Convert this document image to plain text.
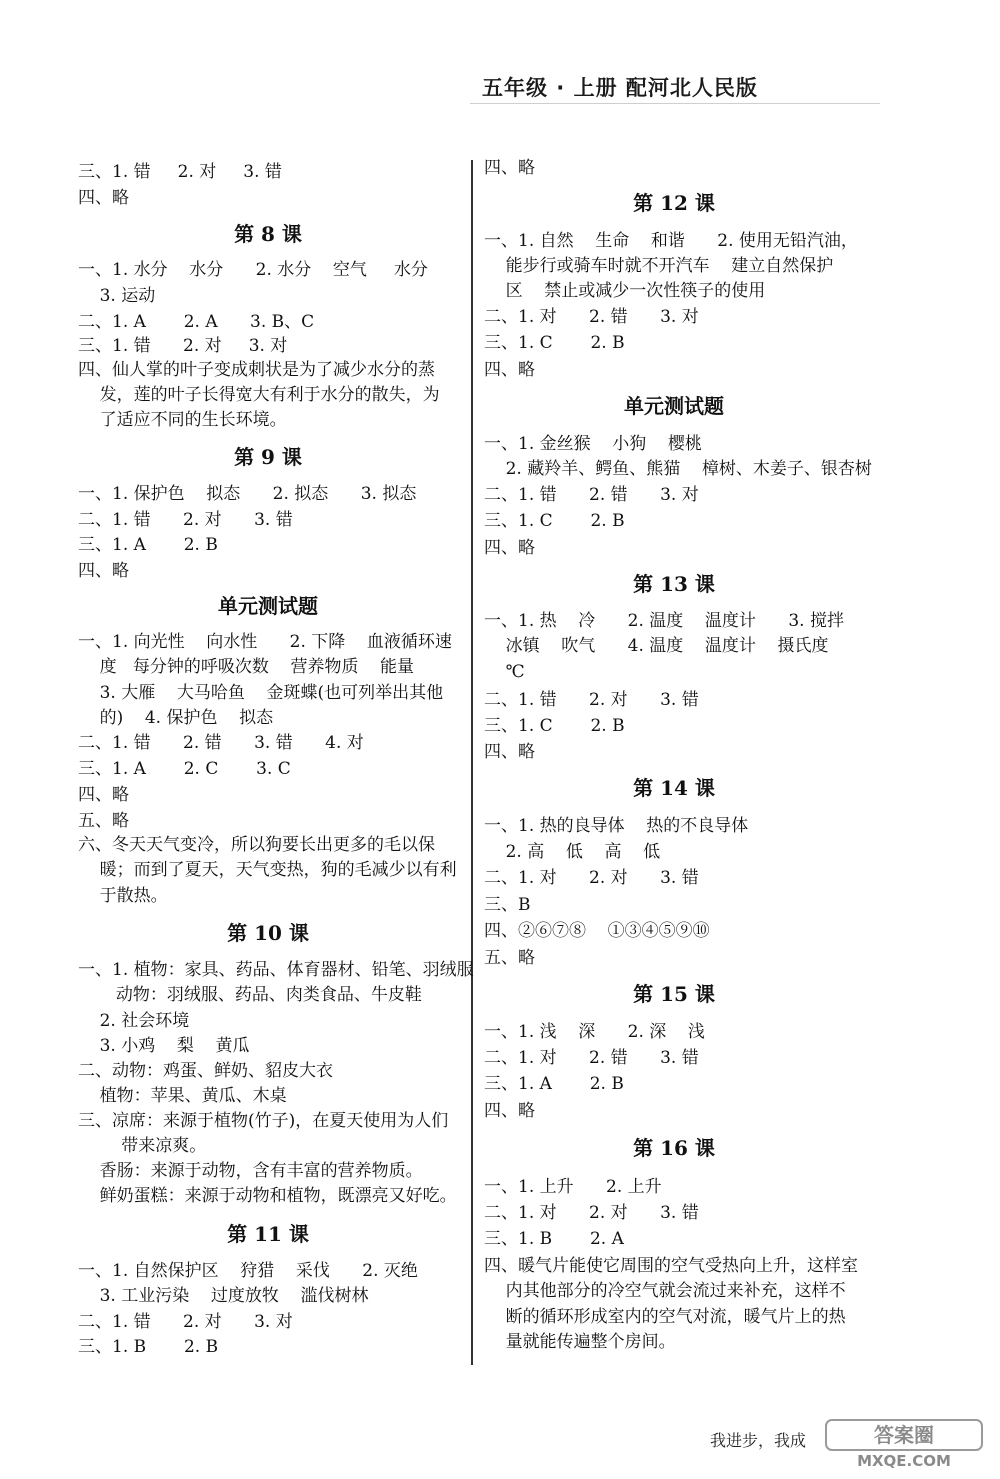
五年级 · 上册 配河北人民版
三、1. 错     2. 对     3. 错
四、略
第 8 课
一、1. 水分    水分      2. 水分    空气     水分
3. 运动
二、1. A       2. A      3. B、C
三、1. 错      2. 对     3. 对
四、仙人掌的叶子变成刺状是为了减少水分的蒸
发，莲的叶子长得宽大有利于水分的散失，为
了适应不同的生长环境。
第 9 课
一、1. 保护色    拟态      2. 拟态      3. 拟态
二、1. 错      2. 对      3. 错
三、1. A       2. B
四、略
单元测试题
一、1. 向光性    向水性      2. 下降    血液循环速
度   每分钟的呼吸次数    营养物质    能量
3. 大雁    大马哈鱼    金斑蝶(也可列举出其他
的)    4. 保护色    拟态
二、1. 错      2. 错      3. 错      4. 对
三、1. A       2. C       3. C
四、略
五、略
六、冬天天气变冷，所以狗要长出更多的毛以保
暖；而到了夏天，天气变热，狗的毛减少以有利
于散热。
第 10 课
一、1. 植物：家具、药品、体育器材、铅笔、羽绒服
动物：羽绒服、药品、肉类食品、牛皮鞋
2. 社会环境
3. 小鸡    梨    黄瓜
二、动物：鸡蛋、鲜奶、貂皮大衣
植物：苹果、黄瓜、木桌
三、凉席：来源于植物(竹子)，在夏天使用为人们
带来凉爽。
香肠：来源于动物，含有丰富的营养物质。
鲜奶蛋糕：来源于动物和植物，既漂亮又好吃。
第 11 课
一、1. 自然保护区    狩猎    采伐      2. 灭绝
3. 工业污染    过度放牧    滥伐树林
二、1. 错      2. 对      3. 对
三、1. B       2. B
四、略
第 12 课
一、1. 自然    生命    和谐      2. 使用无铅汽油，
能步行或骑车时就不开汽车    建立自然保护
区    禁止或减少一次性筷子的使用
二、1. 对      2. 错      3. 对
三、1. C       2. B
四、略
单元测试题
一、1. 金丝猴    小狗    樱桃
2. 藏羚羊、鳄鱼、熊猫    樟树、木姜子、银杏树
二、1. 错      2. 错      3. 对
三、1. C       2. B
四、略
第 13 课
一、1. 热    冷      2. 温度    温度计      3. 搅拌
冰镇    吹气      4. 温度    温度计    摄氏度
℃
二、1. 错      2. 对      3. 错
三、1. C       2. B
四、略
第 14 课
一、1. 热的良导体    热的不良导体
2. 高    低    高    低
二、1. 对      2. 对      3. 错
三、B
四、②⑥⑦⑧    ①③④⑤⑨⑩
五、略
第 15 课
一、1. 浅    深      2. 深    浅
二、1. 对      2. 错      3. 错
三、1. A       2. B
四、略
第 16 课
一、1. 上升      2. 上升
二、1. 对      2. 对      3. 错
三、1. B       2. A
四、暖气片能使它周围的空气受热向上升，这样室
内其他部分的冷空气就会流过来补充，这样不
断的循环形成室内的空气对流，暖气片上的热
量就能传遍整个房间。
我进步，我成	答案圈
MXQE.COM
